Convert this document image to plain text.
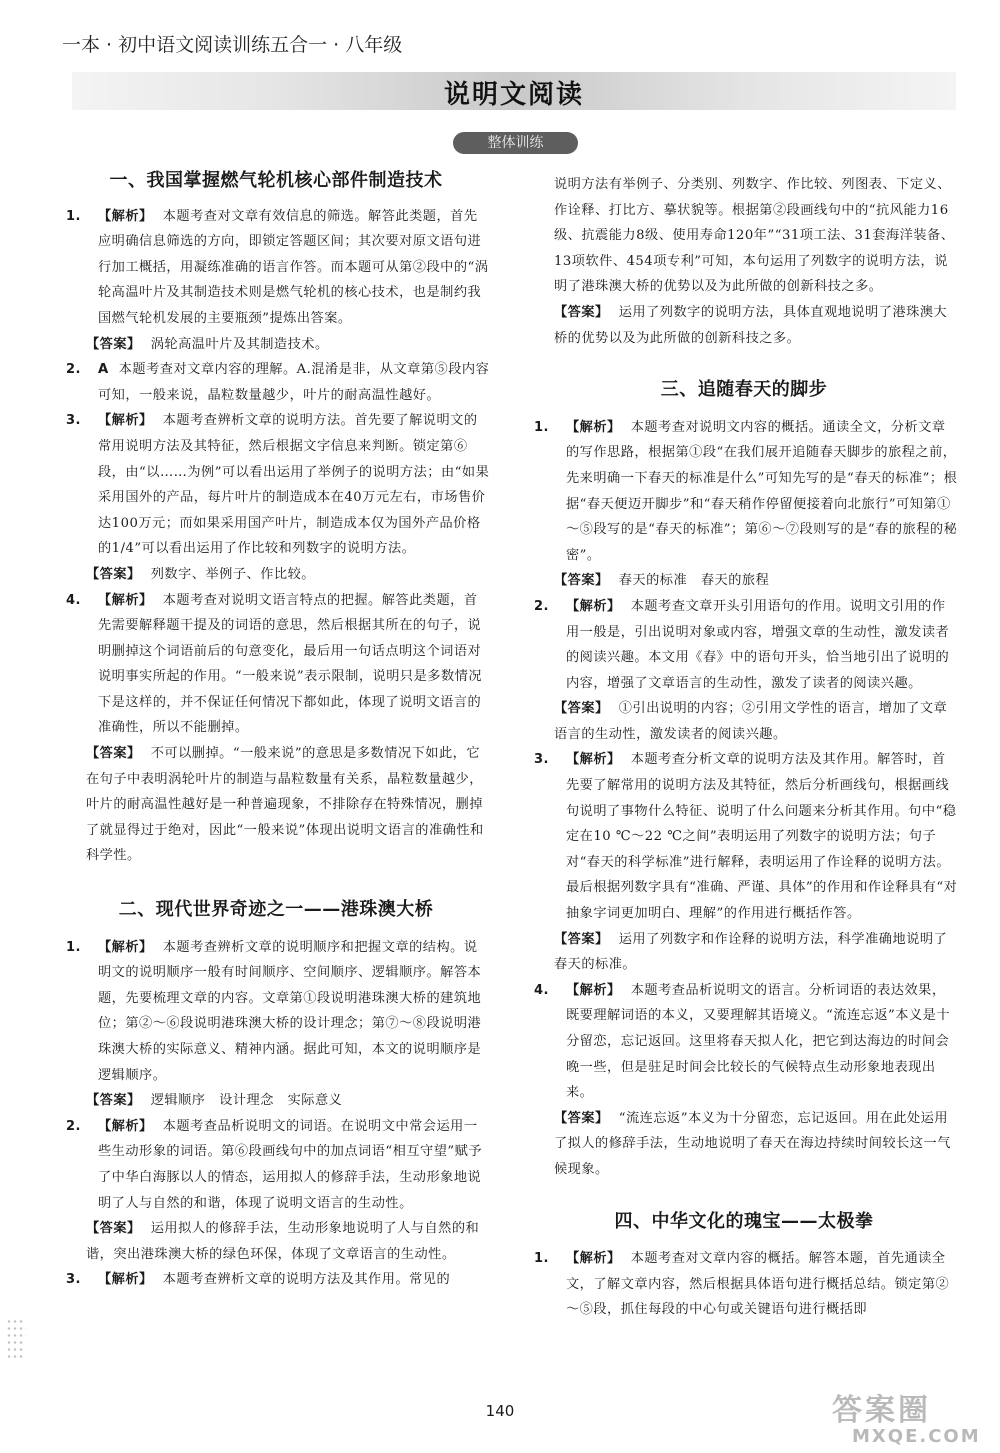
一本 · 初中语文阅读训练五合一 · 八年级
说明文阅读
整体训练

一、我国掌握燃气轮机核心部件制造技术

1. 【解析】 本题考查对文章有效信息的筛选。解答此类题，首先应明确信息筛选的方向，即锁定答题区间；其次要对原文语句进行加工概括，用凝练准确的语言作答。而本题可从第②段中的“涡轮高温叶片及其制造技术则是燃气轮机的核心技术，也是制约我国燃气轮机发展的主要瓶颈”提炼出答案。

【答案】 涡轮高温叶片及其制造技术。

2. A 本题考查对文章内容的理解。A.混淆是非，从文章第⑤段内容可知，一般来说，晶粒数量越少，叶片的耐高温性越好。

3. 【解析】 本题考查辨析文章的说明方法。首先要了解说明文的常用说明方法及其特征，然后根据文字信息来判断。锁定第⑥段，由“以……为例”可以看出运用了举例子的说明方法；由“如果采用国外的产品，每片叶片的制造成本在40万元左右，市场售价达100万元；而如果采用国产叶片，制造成本仅为国外产品价格的1/4”可以看出运用了作比较和列数字的说明方法。

【答案】 列数字、举例子、作比较。

4. 【解析】 本题考查对说明文语言特点的把握。解答此类题，首先需要解释题干提及的词语的意思，然后根据其所在的句子，说明删掉这个词语前后的句意变化，最后用一句话点明这个词语对说明事实所起的作用。“一般来说”表示限制，说明只是多数情况下是这样的，并不保证任何情况下都如此，体现了说明文语言的准确性，所以不能删掉。

【答案】 不可以删掉。“一般来说”的意思是多数情况下如此，它在句子中表明涡轮叶片的制造与晶粒数量有关系，晶粒数量越少，叶片的耐高温性越好是一种普遍现象，不排除存在特殊情况，删掉了就显得过于绝对，因此“一般来说”体现出说明文语言的准确性和科学性。

二、现代世界奇迹之一——港珠澳大桥

1. 【解析】 本题考查辨析文章的说明顺序和把握文章的结构。说明文的说明顺序一般有时间顺序、空间顺序、逻辑顺序。解答本题，先要梳理文章的内容。文章第①段说明港珠澳大桥的建筑地位；第②～⑥段说明港珠澳大桥的设计理念；第⑦～⑧段说明港珠澳大桥的实际意义、精神内涵。据此可知，本文的说明顺序是逻辑顺序。

【答案】 逻辑顺序　设计理念　实际意义

2. 【解析】 本题考查品析说明文的词语。在说明文中常会运用一些生动形象的词语。第⑥段画线句中的加点词语“相互守望”赋予了中华白海豚以人的情态，运用拟人的修辞手法，生动形象地说明了人与自然的和谐，体现了说明文语言的生动性。

【答案】 运用拟人的修辞手法，生动形象地说明了人与自然的和谐，突出港珠澳大桥的绿色环保，体现了文章语言的生动性。

3. 【解析】 本题考查辨析文章的说明方法及其作用。常见的

说明方法有举例子、分类别、列数字、作比较、列图表、下定义、作诠释、打比方、摹状貌等。根据第②段画线句中的“抗风能力16级、抗震能力8级、使用寿命120年”“31项工法、31套海洋装备、13项软件、454项专利”可知，本句运用了列数字的说明方法，说明了港珠澳大桥的优势以及为此所做的创新科技之多。

【答案】 运用了列数字的说明方法，具体直观地说明了港珠澳大桥的优势以及为此所做的创新科技之多。

三、追随春天的脚步

1. 【解析】 本题考查对说明文内容的概括。通读全文，分析文章的写作思路，根据第①段“在我们展开追随春天脚步的旅程之前，先来明确一下春天的标准是什么”可知先写的是“春天的标准”；根据“春天便迈开脚步”和“春天稍作停留便接着向北旅行”可知第①～⑤段写的是“春天的标准”；第⑥～⑦段则写的是“春的旅程的秘密”。

【答案】 春天的标准　春天的旅程

2. 【解析】 本题考查文章开头引用语句的作用。说明文引用的作用一般是，引出说明对象或内容，增强文章的生动性，激发读者的阅读兴趣。本文用《春》中的语句开头，恰当地引出了说明的内容，增强了文章语言的生动性，激发了读者的阅读兴趣。

【答案】 ①引出说明的内容；②引用文学性的语言，增加了文章语言的生动性，激发读者的阅读兴趣。

3. 【解析】 本题考查分析文章的说明方法及其作用。解答时，首先要了解常用的说明方法及其特征，然后分析画线句，根据画线句说明了事物什么特征、说明了什么问题来分析其作用。句中“稳定在10 ℃～22 ℃之间”表明运用了列数字的说明方法；句子对“春天的科学标准”进行解释，表明运用了作诠释的说明方法。最后根据列数字具有“准确、严谨、具体”的作用和作诠释具有“对抽象字词更加明白、理解”的作用进行概括作答。

【答案】 运用了列数字和作诠释的说明方法，科学准确地说明了春天的标准。

4. 【解析】 本题考查品析说明文的语言。分析词语的表达效果，既要理解词语的本义，又要理解其语境义。“流连忘返”本义是十分留恋，忘记返回。这里将春天拟人化，把它到达海边的时间会晚一些，但是驻足时间会比较长的气候特点生动形象地表现出来。

【答案】 “流连忘返”本义为十分留恋，忘记返回。用在此处运用了拟人的修辞手法，生动地说明了春天在海边持续时间较长这一气候现象。

四、中华文化的瑰宝——太极拳

1. 【解析】 本题考查对文章内容的概括。解答本题，首先通读全文，了解文章内容，然后根据具体语句进行概括总结。锁定第②～⑤段，抓住每段的中心句或关键语句进行概括即

140	答案圈
MXQE.COM
